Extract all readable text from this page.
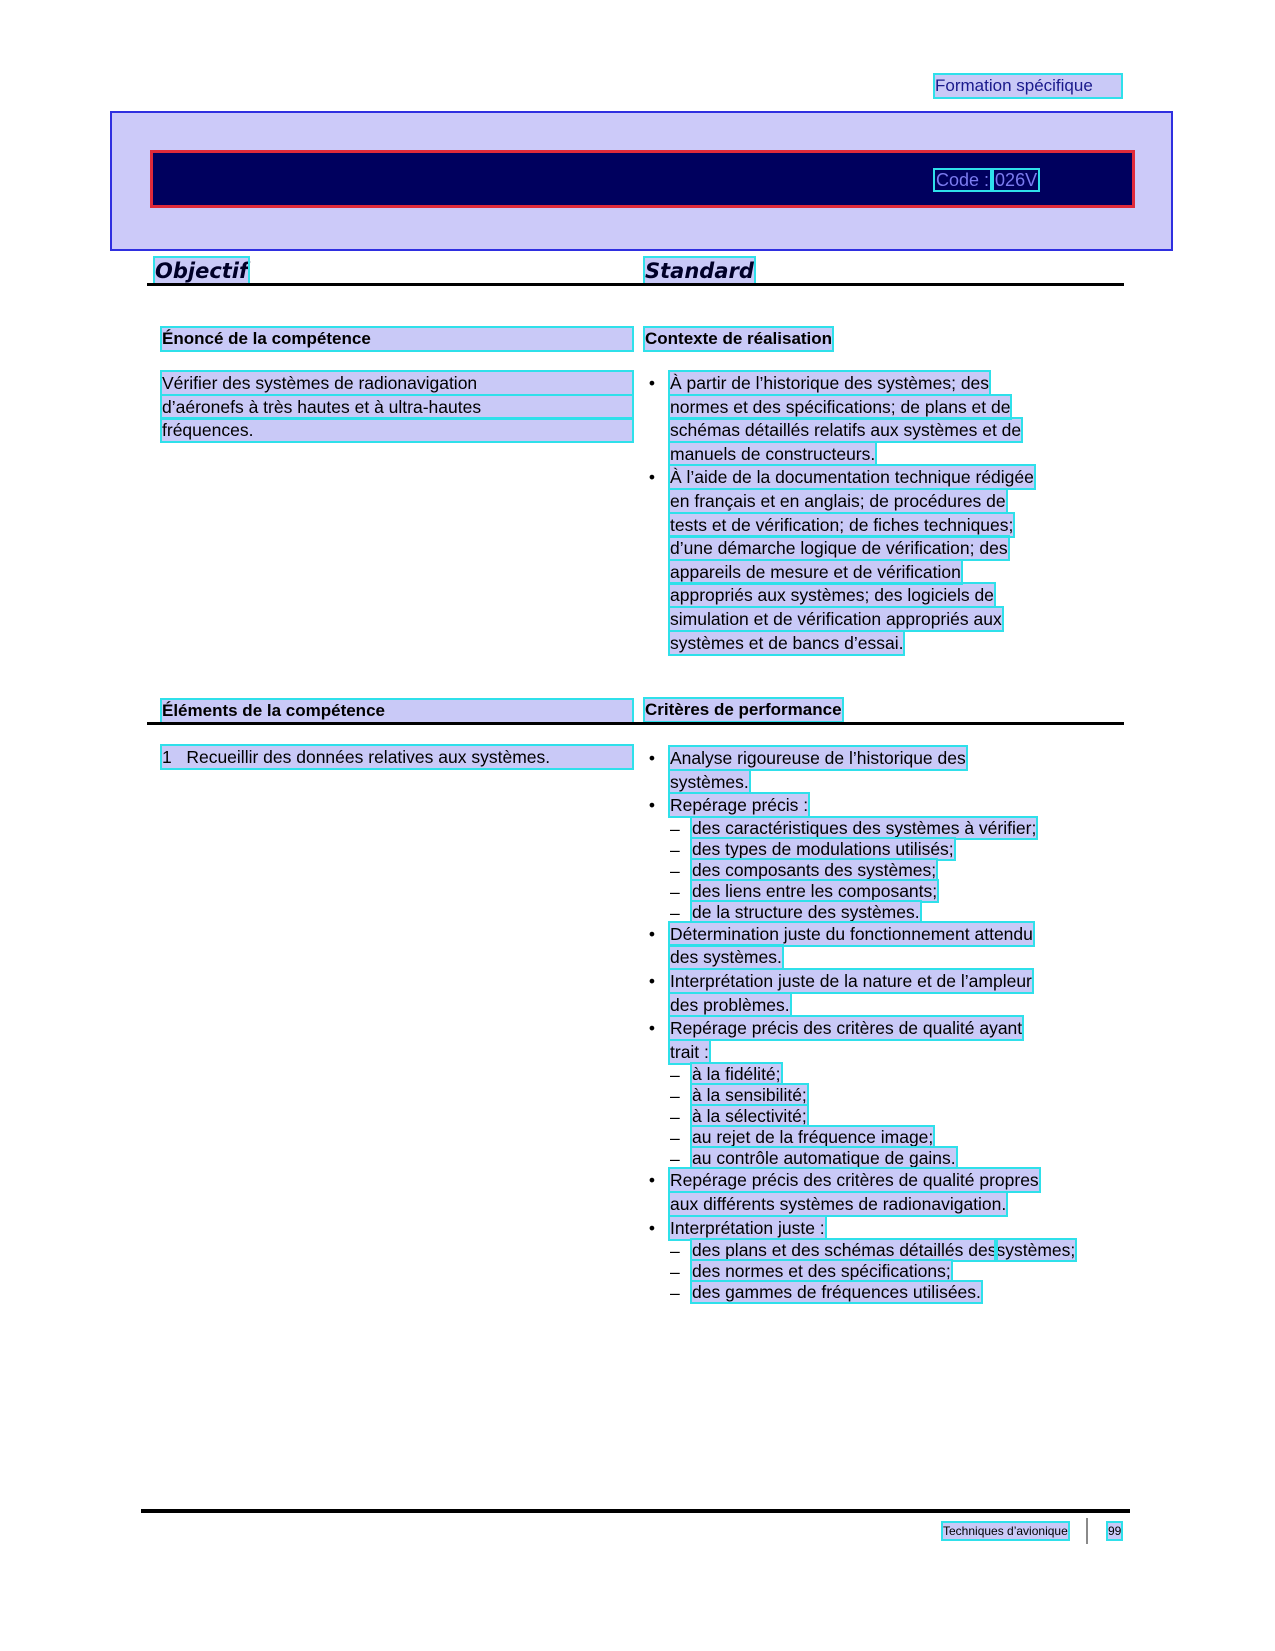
Formation spécifique
Code : 026V
Objectif	Standard
Énoncé de la compétence	Contexte de réalisation
Vérifier des systèmes de radionavigation
d’aéronefs à très hautes et à ultra-hautes
fréquences.
• À partir de l’historique des systèmes; des
normes et des spécifications; de plans et de
schémas détaillés relatifs aux systèmes et de
manuels de constructeurs.
• À l’aide de la documentation technique rédigée
en français et en anglais; de procédures de
tests et de vérification; de fiches techniques;
d’une démarche logique de vérification; des
appareils de mesure et de vérification
appropriés aux systèmes; des logiciels de
simulation et de vérification appropriés aux
systèmes et de bancs d’essai.
Éléments de la compétence	Critères de performance
1 Recueillir des données relatives aux systèmes.	• Analyse rigoureuse de l’historique des
systèmes.
• Repérage précis :
– des caractéristiques des systèmes à vérifier;
– des types de modulations utilisés;
– des composants des systèmes;
– des liens entre les composants;
– de la structure des systèmes.
• Détermination juste du fonctionnement attendu
des systèmes.
• Interprétation juste de la nature et de l’ampleur
des problèmes.
• Repérage précis des critères de qualité ayant
trait :
– à la fidélité;
– à la sensibilité;
– à la sélectivité;
– au rejet de la fréquence image;
– au contrôle automatique de gains.
• Repérage précis des critères de qualité propres
aux différents systèmes de radionavigation.
• Interprétation juste :
– des plans et des schémas détaillés dessystèmes;
– des normes et des spécifications;
– des gammes de fréquences utilisées.
Techniques d’avionique	99
